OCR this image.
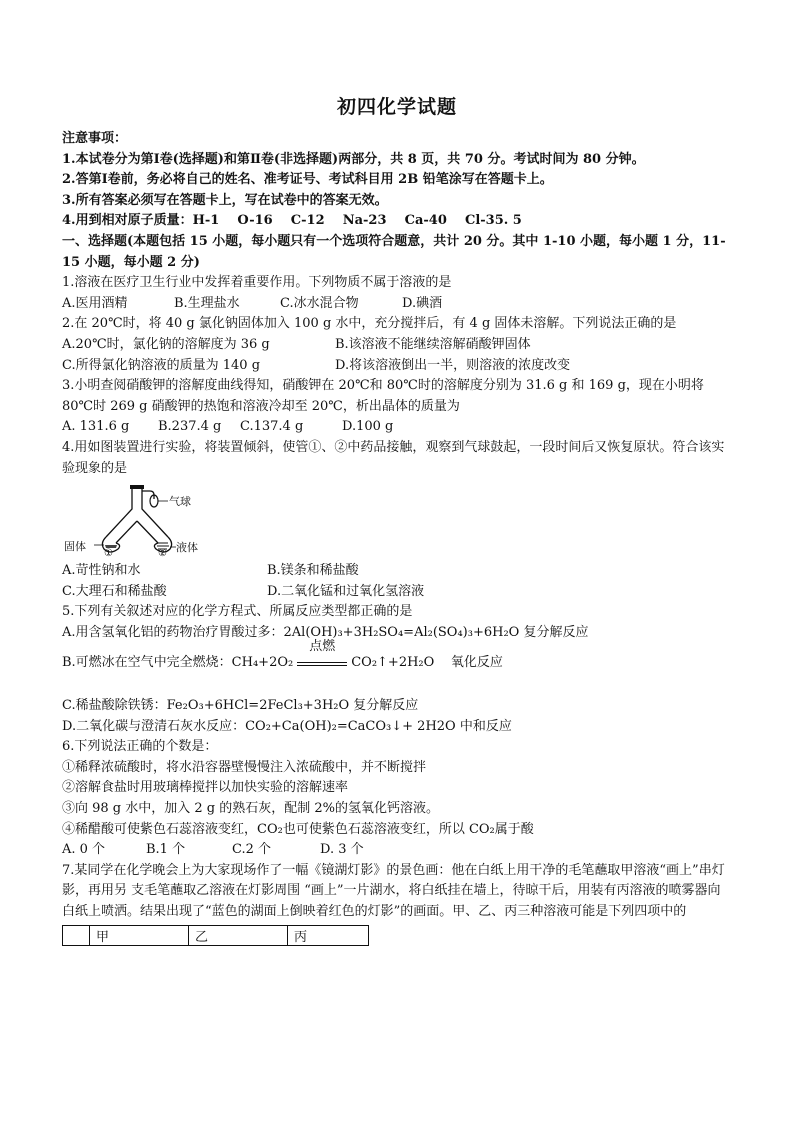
初四化学试题
注意事项：
1.本试卷分为第Ⅰ卷(选择题)和第Ⅱ卷(非选择题)两部分，共 8 页，共 70 分。考试时间为 80 分钟。
2.答第Ⅰ卷前，务必将自己的姓名、准考证号、考试科目用 2B 铅笔涂写在答题卡上。
3.所有答案必须写在答题卡上，写在试卷中的答案无效。
4.用到相对原子质量：H-1    O-16    C-12    Na-23    Ca-40    Cl-35. 5
一、选择题(本题包括 15 小题，每小题只有一个选项符合题意，共计 20 分。其中 1-10 小题，每小题 1 分，11-15 小题，每小题 2 分)
1.溶液在医疗卫生行业中发挥着重要作用。下列物质不属于溶液的是
A.医用酒精	B.生理盐水	C.冰水混合物	D.碘酒
2.在 20℃时，将 40 g 氯化钠固体加入 100 g 水中，充分搅拌后，有 4 g 固体未溶解。下列说法正确的是
A.20℃时，氯化钠的溶解度为 36 g	B.该溶液不能继续溶解硝酸钾固体
C.所得氯化钠溶液的质量为 140 g	D.将该溶液倒出一半，则溶液的浓度改变
3.小明查阅硝酸钾的溶解度曲线得知，硝酸钾在 20℃和 80℃时的溶解度分别为 31.6 g 和 169 g，现在小明将 80℃时 269 g 硝酸钾的热饱和溶液冷却至 20℃，析出晶体的质量为
A. 131.6 g	B.237.4 g	C.137.4 g	D.100 g
4.用如图装置进行实验，将装置倾斜，使管①、②中药品接触，观察到气球鼓起，一段时间后又恢复原状。符合该实验现象的是
气球
固体	液体
①	②
A.苛性钠和水	B.镁条和稀盐酸
C.大理石和稀盐酸	D.二氧化锰和过氧化氢溶液
5.下列有关叙述对应的化学方程式、所属反应类型都正确的是
A.用含氢氧化铝的药物治疗胃酸过多：2Al(OH)₃+3H₂SO₄=Al₂(SO₄)₃+6H₂O 复分解反应
B.可燃冰在空气中完全燃烧：CH₄+2O₂
点燃
CO₂↑+2H₂O    氧化反应
C.稀盐酸除铁锈：Fe₂O₃+6HCl=2FeCl₃+3H₂O 复分解反应
D.二氧化碳与澄清石灰水反应：CO₂+Ca(OH)₂=CaCO₃↓+ 2H2O 中和反应
6.下列说法正确的个数是：
①稀释浓硫酸时，将水沿容器壁慢慢注入浓硫酸中，并不断搅拌
②溶解食盐时用玻璃棒搅拌以加快实验的溶解速率
③向 98 g 水中，加入 2 g 的熟石灰，配制 2%的氢氧化钙溶液。
④稀醋酸可使紫色石蕊溶液变红，CO₂也可使紫色石蕊溶液变红，所以 CO₂属于酸
A. 0 个	B.1 个	C.2 个	D. 3 个
7.某同学在化学晚会上为大家现场作了一幅《镜湖灯影》的景色画：他在白纸上用干净的毛笔蘸取甲溶液“画上”串灯影，再用另 支毛笔蘸取乙溶液在灯影周围 “画上”一片湖水，将白纸挂在墙上，待晾干后，用装有丙溶液的喷雾器向白纸上喷洒。结果出现了“蓝色的湖面上倒映着红色的灯影”的画面。甲、乙、丙三种溶液可能是下列四项中的
	甲	乙	丙
